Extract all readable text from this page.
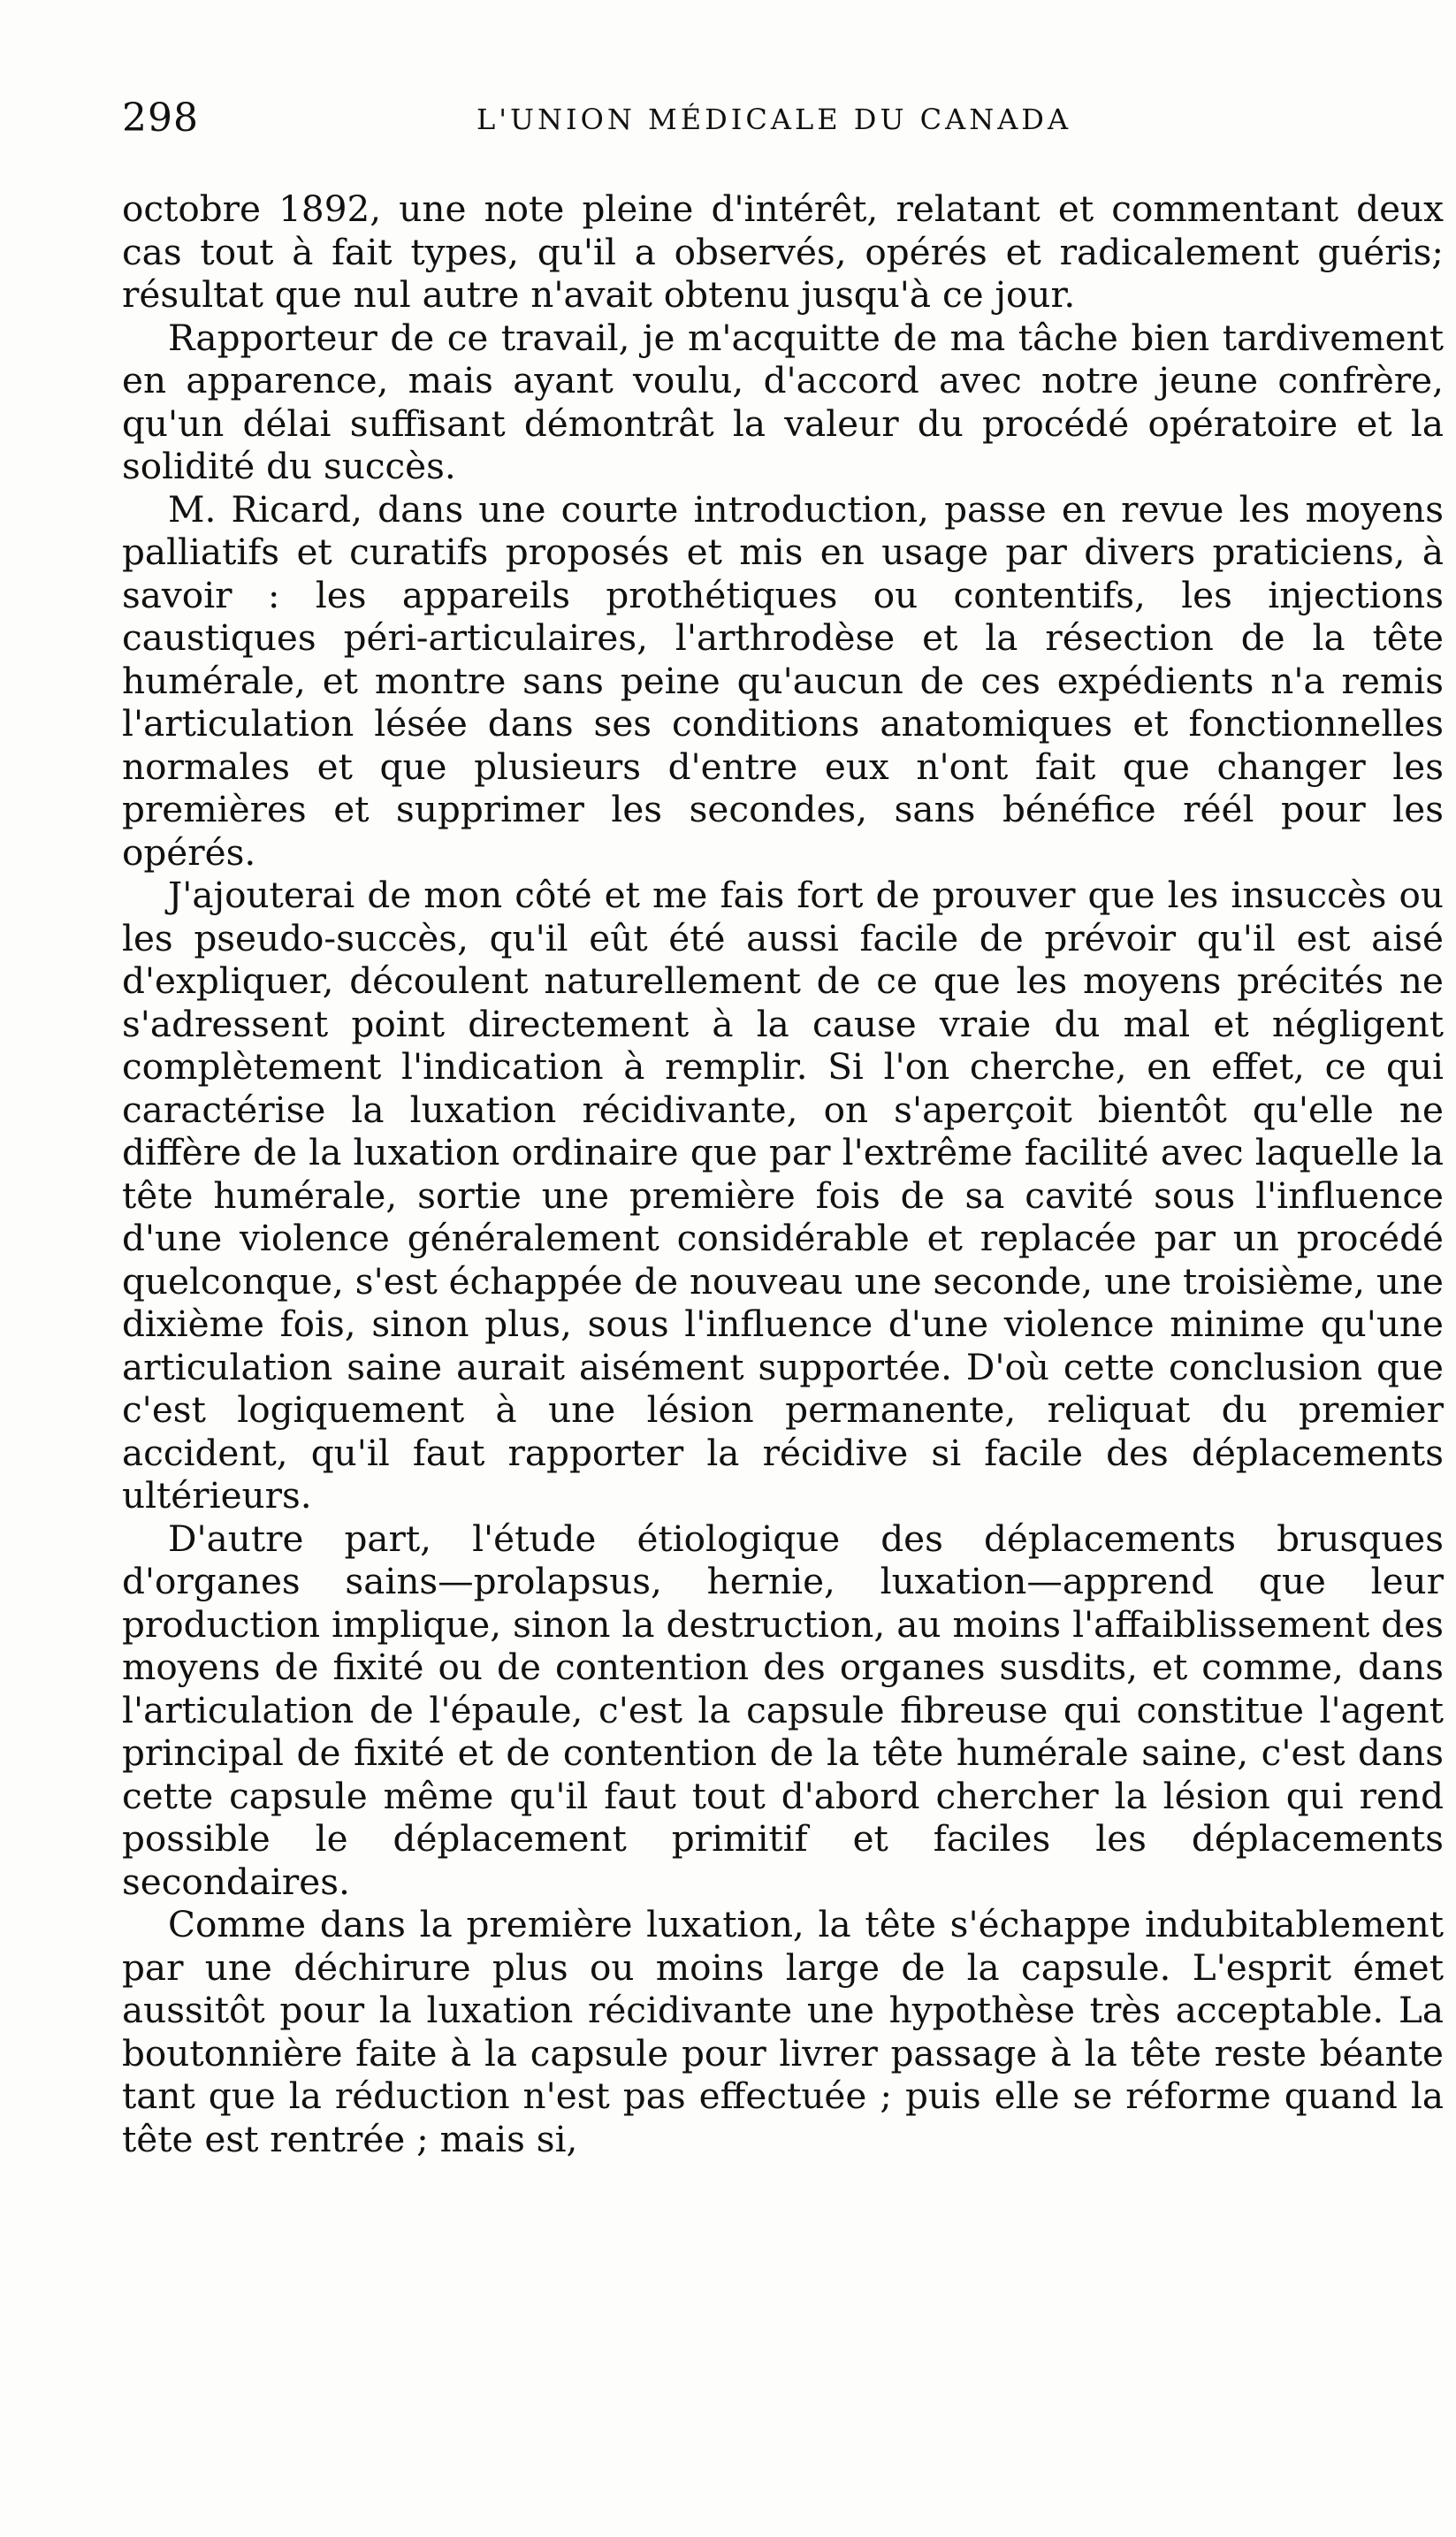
298	L'UNION MÉDICALE DU CANADA

octobre 1892, une note pleine d'intérêt, relatant et commentant deux cas tout à fait types, qu'il a observés, opérés et radicalement guéris; résultat que nul autre n'avait obtenu jusqu'à ce jour.

Rapporteur de ce travail, je m'acquitte de ma tâche bien tardivement en apparence, mais ayant voulu, d'accord avec notre jeune confrère, qu'un délai suffisant démontrât la valeur du procédé opératoire et la solidité du succès.

M. Ricard, dans une courte introduction, passe en revue les moyens palliatifs et curatifs proposés et mis en usage par divers praticiens, à savoir : les appareils prothétiques ou contentifs, les injections caustiques péri-articulaires, l'arthrodèse et la résection de la tête humérale, et montre sans peine qu'aucun de ces expédients n'a remis l'articulation lésée dans ses conditions anatomiques et fonctionnelles normales et que plusieurs d'entre eux n'ont fait que changer les premières et supprimer les secondes, sans bénéfice réél pour les opérés.

J'ajouterai de mon côté et me fais fort de prouver que les insuccès ou les pseudo-succès, qu'il eût été aussi facile de prévoir qu'il est aisé d'expliquer, découlent naturellement de ce que les moyens précités ne s'adressent point directement à la cause vraie du mal et négligent complètement l'indication à remplir. Si l'on cherche, en effet, ce qui caractérise la luxation récidivante, on s'aperçoit bientôt qu'elle ne diffère de la luxation ordinaire que par l'extrême facilité avec laquelle la tête humérale, sortie une première fois de sa cavité sous l'influence d'une violence généralement considérable et replacée par un procédé quelconque, s'est échappée de nouveau une seconde, une troisième, une dixième fois, sinon plus, sous l'influence d'une violence minime qu'une articulation saine aurait aisément supportée. D'où cette conclusion que c'est logiquement à une lésion permanente, reliquat du premier accident, qu'il faut rapporter la récidive si facile des déplacements ultérieurs.

D'autre part, l'étude étiologique des déplacements brusques d'organes sains—prolapsus, hernie, luxation—apprend que leur production implique, sinon la destruction, au moins l'affaiblissement des moyens de fixité ou de contention des organes susdits, et comme, dans l'articulation de l'épaule, c'est la capsule fibreuse qui constitue l'agent principal de fixité et de contention de la tête humérale saine, c'est dans cette capsule même qu'il faut tout d'abord chercher la lésion qui rend possible le déplacement primitif et faciles les déplacements secondaires.

Comme dans la première luxation, la tête s'échappe indubitablement par une déchirure plus ou moins large de la capsule. L'esprit émet aussitôt pour la luxation récidivante une hypothèse très acceptable. La boutonnière faite à la capsule pour livrer passage à la tête reste béante tant que la réduction n'est pas effectuée ; puis elle se réforme quand la tête est rentrée ; mais si,
